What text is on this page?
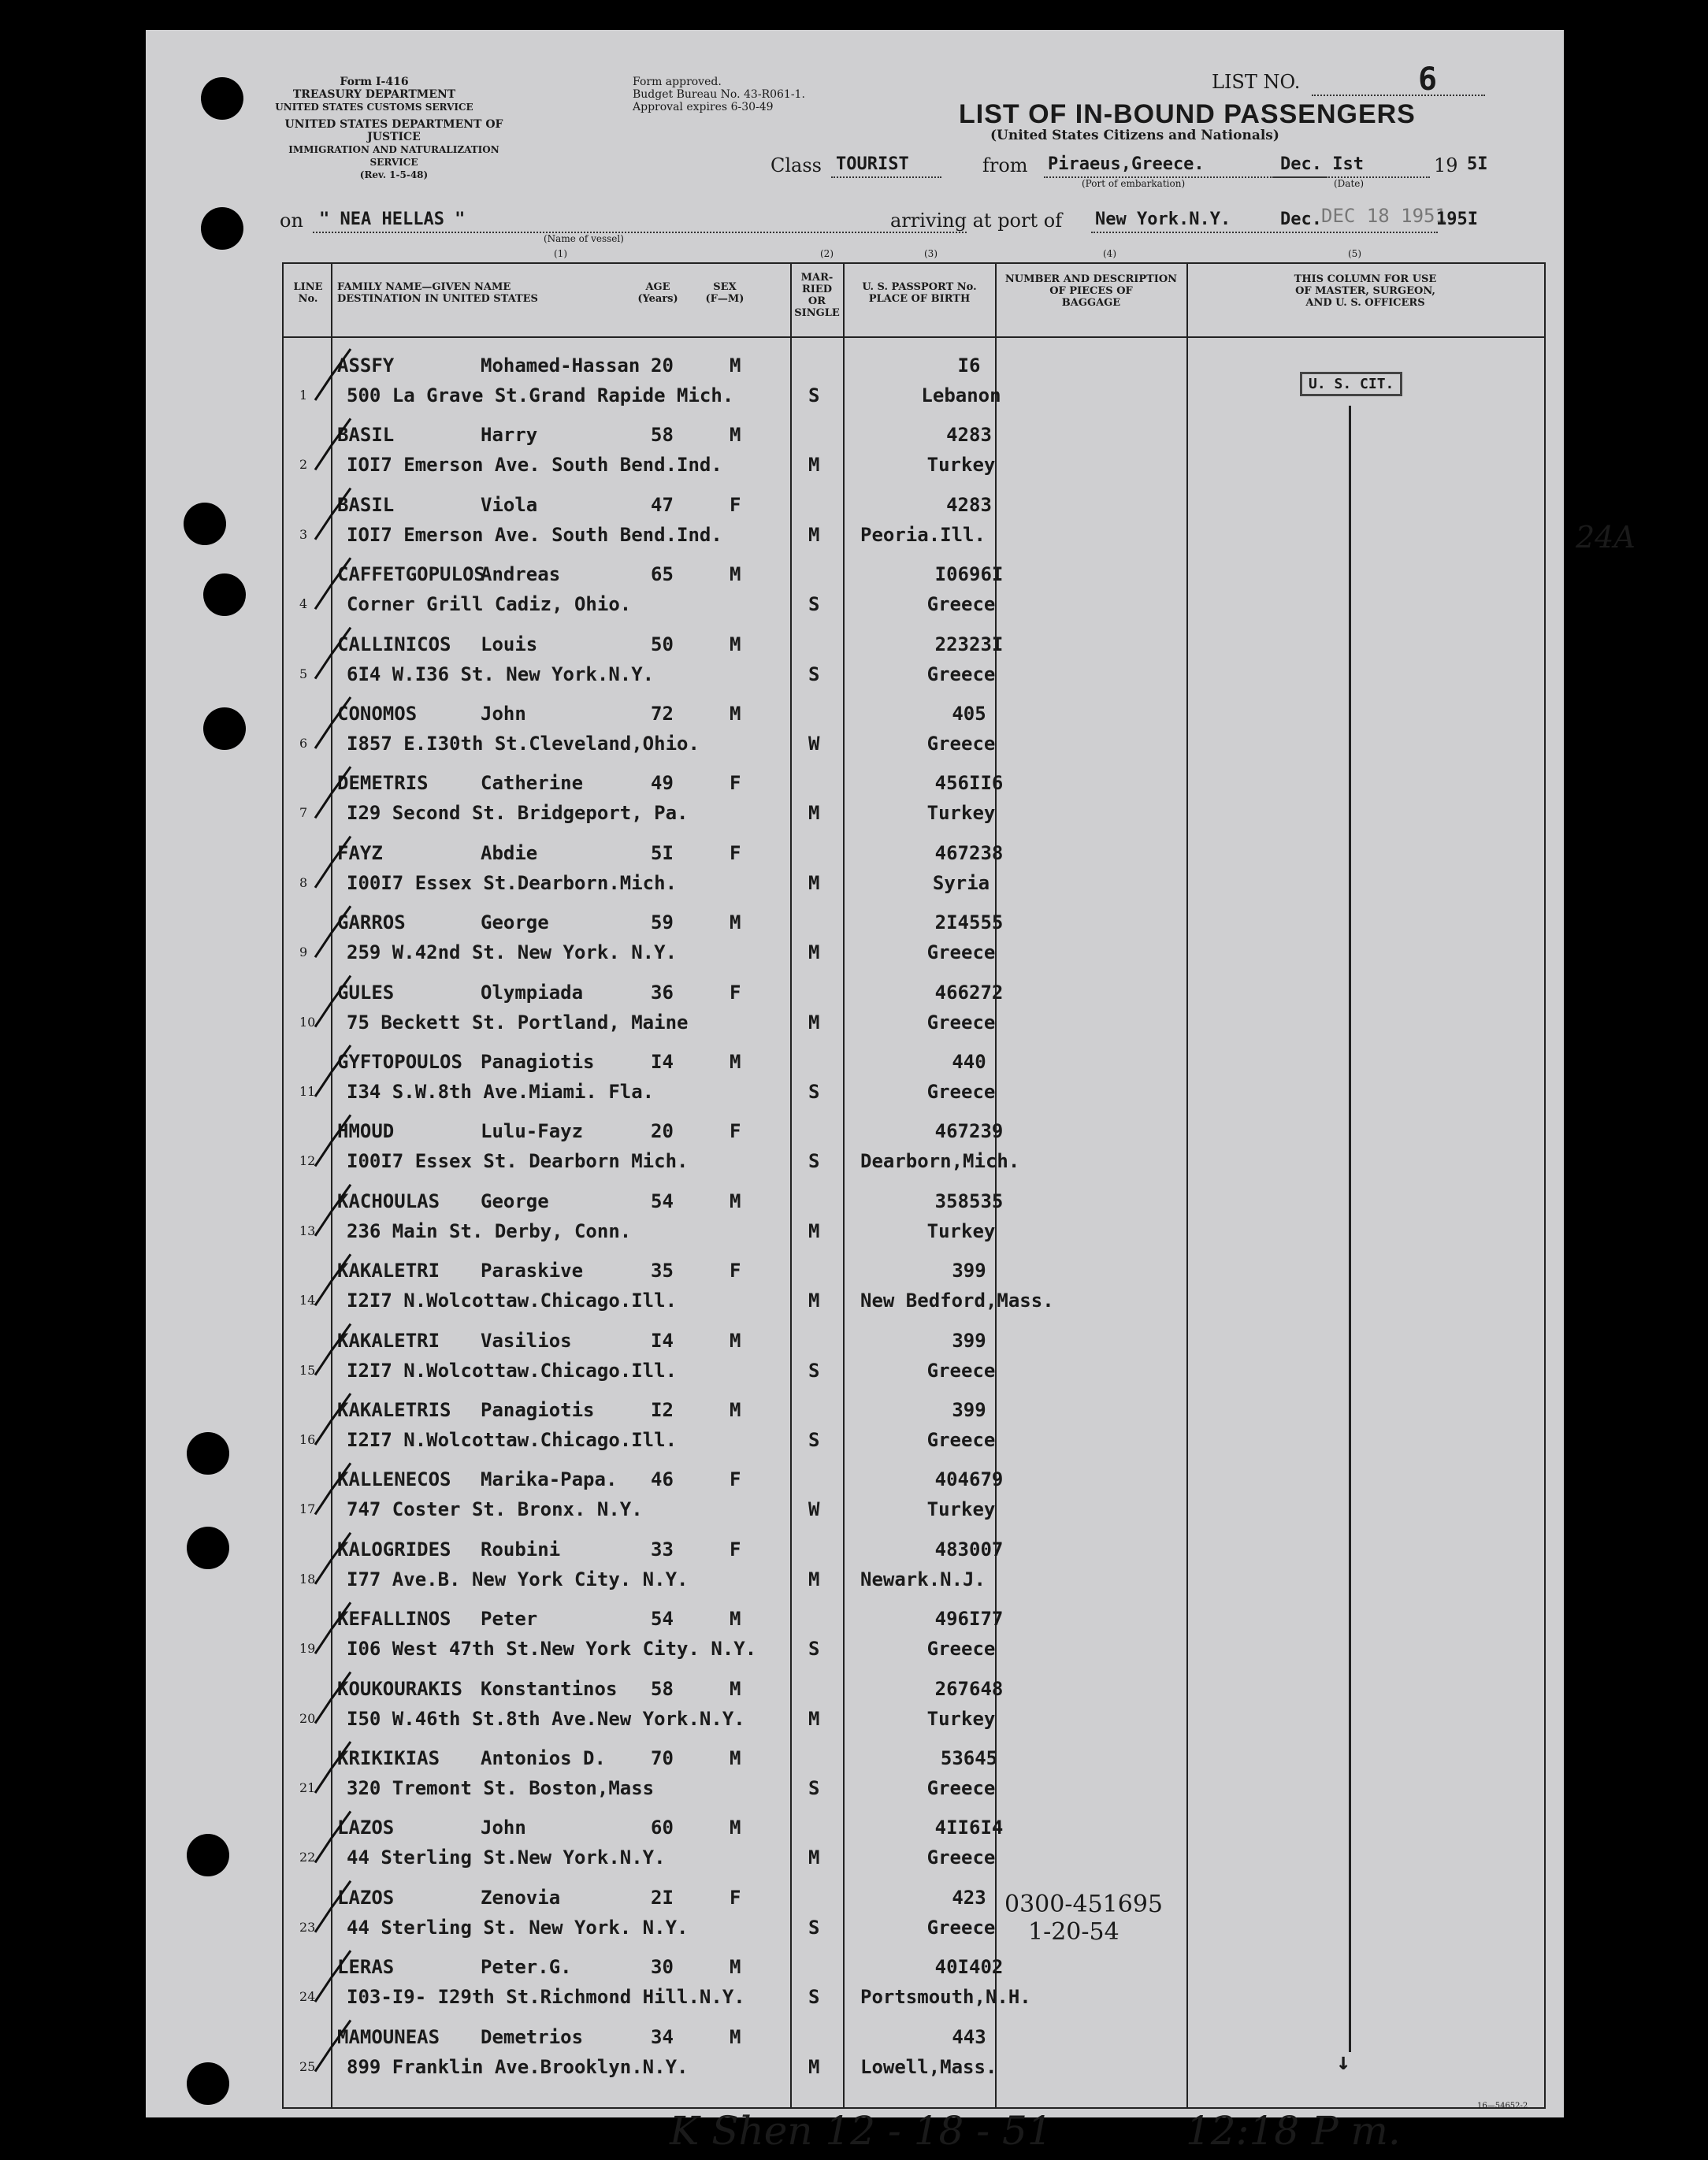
Form I-416
TREASURY DEPARTMENT
UNITED STATES CUSTOMS SERVICE
UNITED STATES DEPARTMENT OF JUSTICE
IMMIGRATION AND NATURALIZATION SERVICE
(Rev. 1-5-48)
Form approved.
Budget Bureau No. 43-R061-1.
Approval expires 6-30-49
LIST NO.	6
LIST OF IN-BOUND PASSENGERS
(United States Citizens and Nationals)
Class TOURIST	from Piraeus,Greece.
(Port of embarkation)
Dec. Ist
(Date)
19 5I
on " NEA HELLAS "
(Name of vessel)
arriving at port of New York.N.Y.	Dec. DEC 18 1951
195I
(1)	(2)	(3)	(4)	(5)
LINE No.
FAMILY NAME—GIVEN NAME
DESTINATION IN UNITED STATES
AGE
(Years)
SEX
(F—M)
MAR-
RIED
OR
SINGLE
U. S. PASSPORT No.
PLACE OF BIRTH
NUMBER AND DESCRIPTION
OF PIECES OF
BAGGAGE
THIS COLUMN FOR USE
OF MASTER, SURGEON,
AND U. S. OFFICERS
1
ASSFY	Mohamed-Hassan 20	M	I6
500 La Grave St.Grand Rapide Mich.	S	Lebanon
2
BASIL	Harry	58	M	4283
IOI7 Emerson Ave. South Bend.Ind.	M	Turkey
3
BASIL	Viola	47	F	4283
IOI7 Emerson Ave. South Bend.Ind.	M Peoria.Ill.
4
CAFFETGOPULOS
Andreas	65	M	I0696I
Corner Grill Cadiz, Ohio.	S	Greece
5
CALLINICOS Louis	50	M	22323I
6I4 W.I36 St. New York.N.Y.	S	Greece
6
CONOMOS	John	72	M	405
I857 E.I30th St.Cleveland,Ohio.	W	Greece
7
DEMETRIS	Catherine	49	F	456II6
I29 Second St. Bridgeport, Pa.	M	Turkey
8
FAYZ	Abdie	5I	F	467238
I00I7 Essex St.Dearborn.Mich.	M	Syria
9
GARROS	George	59	M	2I4555
259 W.42nd St. New York. N.Y.	M	Greece
10
GULES	Olympiada	36	F	466272
75 Beckett St. Portland, Maine	M	Greece
11
GYFTOPOULOS Panagiotis	I4	M	440
I34 S.W.8th Ave.Miami. Fla.	S	Greece
12
HMOUD	Lulu-Fayz	20	F	467239
I00I7 Essex St. Dearborn Mich.	S Dearborn,Mich.
13
KACHOULAS George	54	M	358535
236 Main St. Derby, Conn.	M	Turkey
14
KAKALETRI Paraskive	35	F	399
I2I7 N.Wolcottaw.Chicago.Ill.	M New Bedford,Mass.
15
KAKALETRI Vasilios	I4	M	399
I2I7 N.Wolcottaw.Chicago.Ill.	S	Greece
16
KAKALETRIS Panagiotis	I2	M	399
I2I7 N.Wolcottaw.Chicago.Ill.	S	Greece
17
KALLENECOS Marika-Papa. 46	F	404679
747 Coster St. Bronx. N.Y.	W	Turkey
18
KALOGRIDES Roubini	33	F	483007
I77 Ave.B. New York City. N.Y.	M Newark.N.J.
19
KEFALLINOS Peter	54	M	496I77
I06 West 47th St.New York City. N.Y.	S	Greece
20
KOUKOURAKIS Konstantinos 58	M	267648
I50 W.46th St.8th Ave.New York.N.Y.	M	Turkey
21
KRIKIKIAS Antonios D. 70	M	53645
320 Tremont St. Boston,Mass	S	Greece
22
LAZOS	John	60	M	4II6I4
44 Sterling St.New York.N.Y.	M	Greece
23
LAZOS	Zenovia	2I	F	423
44 Sterling St. New York. N.Y.	S	Greece
24
LERAS	Peter.G.	30	M	40I402
I03-I9- I29th St.Richmond Hill.N.Y.	S Portsmouth,N.H.
25
MAMOUNEAS Demetrios	34	M	443
899 Franklin Ave.Brooklyn.N.Y.	M Lowell,Mass.
U. S. CIT.
↓
24A
0300-451695
1-20-54
K Shen 12 - 18 - 51	12:18 P m.
16—54652-2
